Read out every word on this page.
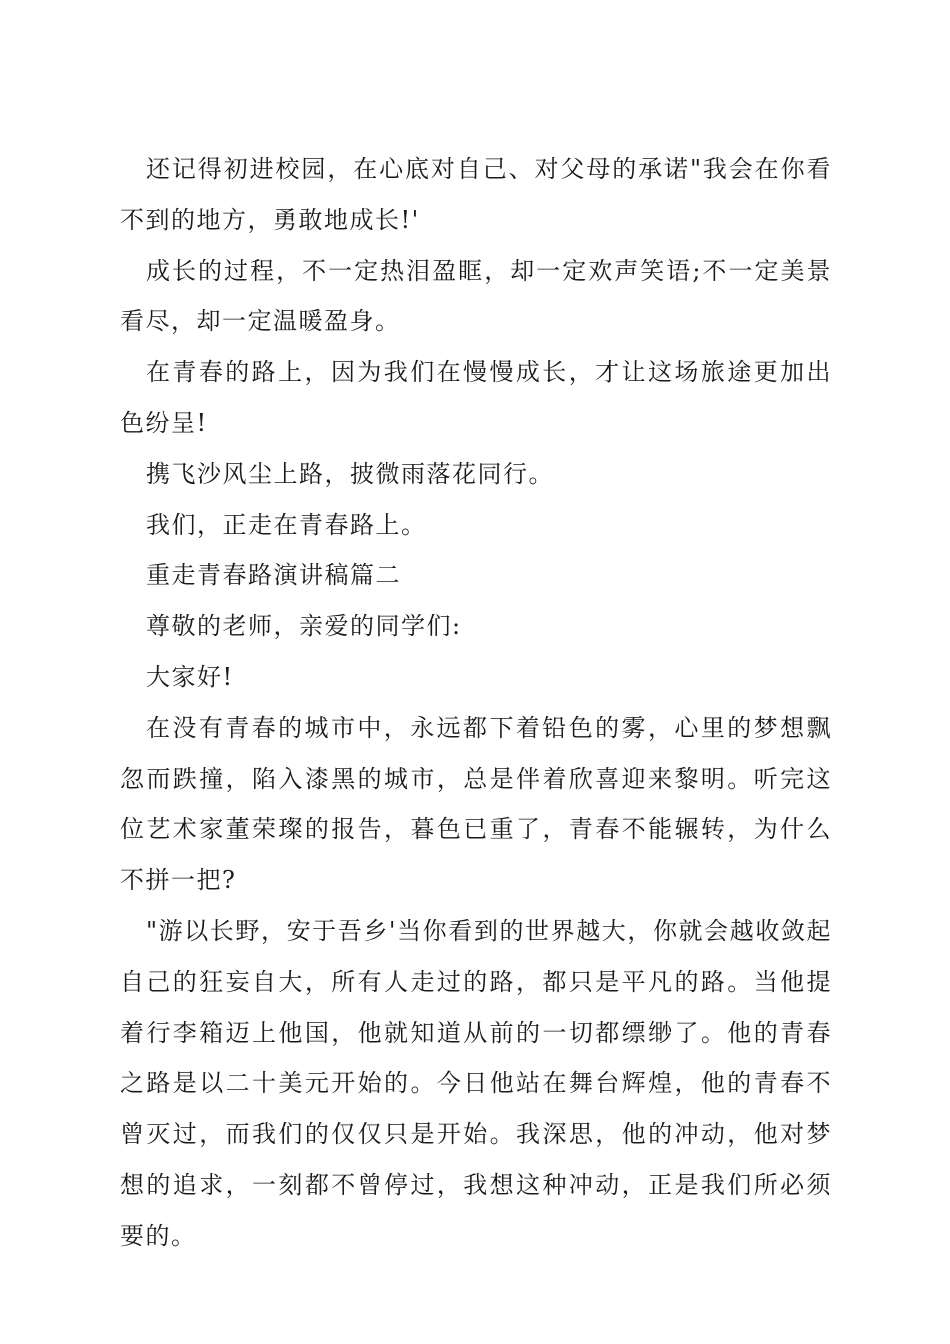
还记得初进校园，在心底对自己、对父母的承诺"我会在你看不到的地方，勇敢地成长!'

成长的过程，不一定热泪盈眶，却一定欢声笑语;不一定美景看尽，却一定温暖盈身。

在青春的路上，因为我们在慢慢成长，才让这场旅途更加出色纷呈!

携飞沙风尘上路，披微雨落花同行。

我们，正走在青春路上。

重走青春路演讲稿篇二

尊敬的老师，亲爱的同学们:

大家好!

在没有青春的城市中，永远都下着铅色的雾，心里的梦想飘忽而跌撞，陷入漆黑的城市，总是伴着欣喜迎来黎明。听完这位艺术家董荣璨的报告，暮色已重了，青春不能辗转，为什么不拼一把?

"游以长野，安于吾乡'当你看到的世界越大，你就会越收敛起自己的狂妄自大，所有人走过的路，都只是平凡的路。当他提着行李箱迈上他国，他就知道从前的一切都缥缈了。他的青春之路是以二十美元开始的。今日他站在舞台辉煌，他的青春不曾灭过，而我们的仅仅只是开始。我深思，他的冲动，他对梦想的追求，一刻都不曾停过，我想这种冲动，正是我们所必须要的。
